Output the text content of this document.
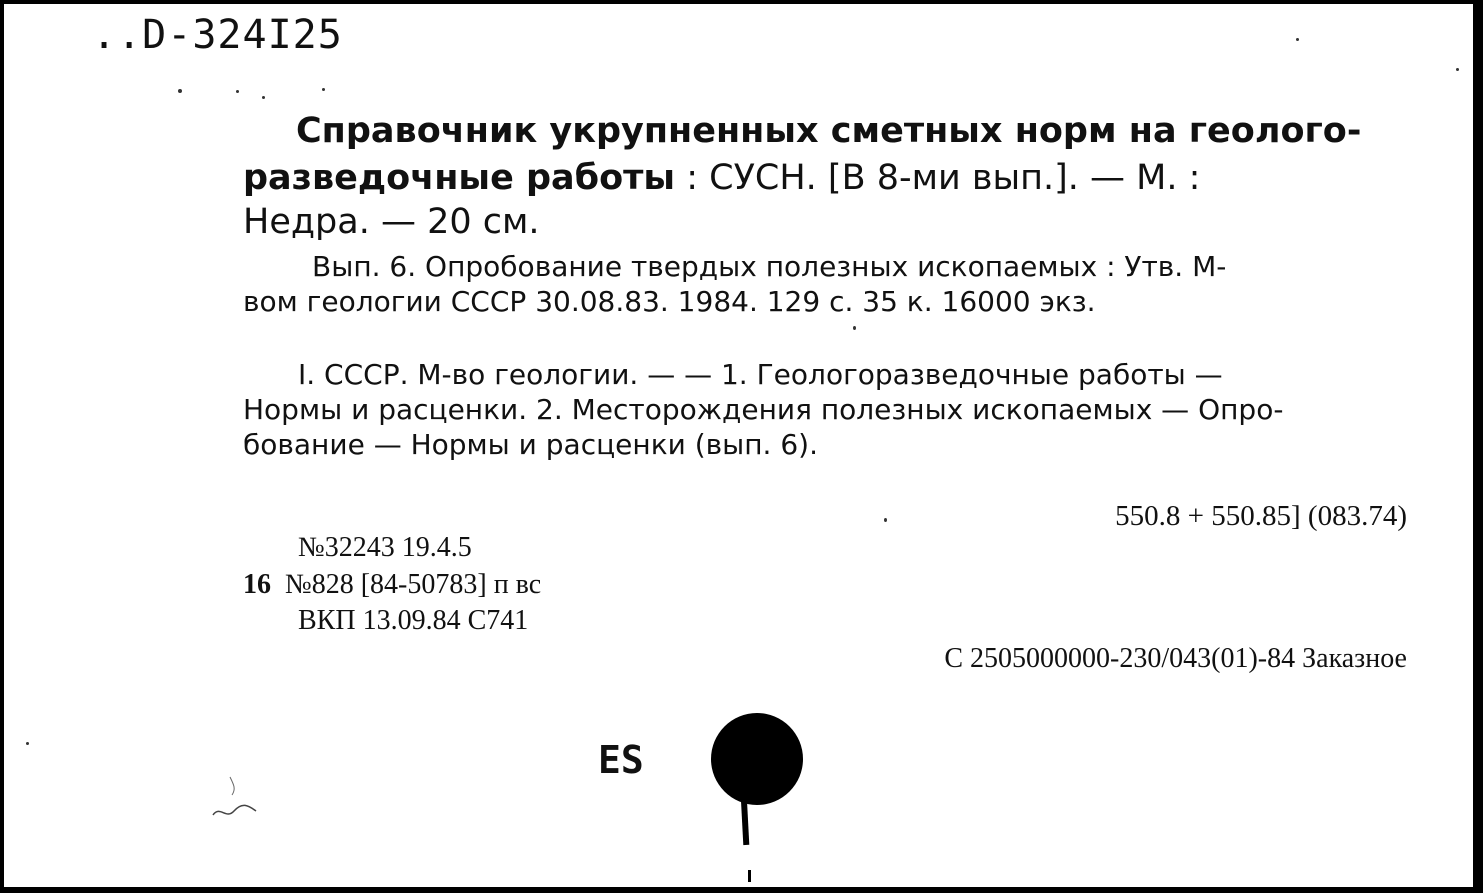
..D-324I25
Справочник укрупненных сметных норм на геолого-
разведочные работы : СУСН. [В 8-ми вып.]. — М. :
Недра. — 20 см.
Вып. 6. Опробование твердых полезных ископаемых : Утв. М-
вом геологии СССР 30.08.83. 1984. 129 с. 35 к. 16000 экз.
I. СССР. М-во геологии. — — 1. Геологоразведочные работы —
Нормы и расценки. 2. Месторождения полезных ископаемых — Опро-
бование — Нормы и расценки (вып. 6).
550.8 + 550.85] (083.74)
№32243 19.4.5
16 №828 [84-50783] п вс
ВКП 13.09.84 С741
С 2505000000-230/043(01)-84 Заказное
ES
